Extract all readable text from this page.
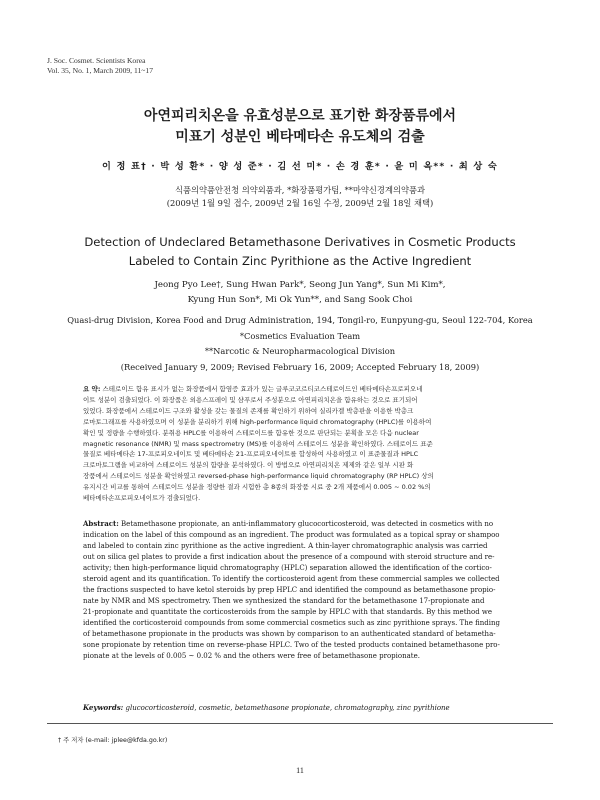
J. Soc. Cosmet. Scientists Korea
Vol. 35, No. 1, March 2009, 11~17
아연피리치온을 유효성분으로 표기한 화장품류에서
미표기 성분인 베타메타손 유도체의 검출
이 정 표† · 박 성 환* · 양 성 준* · 김 선 미* · 손 경 훈* · 윤 미 옥** · 최 상 숙
식품의약품안전청 의약외품과, *화장품평가팀, **마약신경계의약품과
(2009년 1월 9일 접수, 2009년 2월 16일 수정, 2009년 2월 18일 채택)
Detection of Undeclared Betamethasone Derivatives in Cosmetic Products
Labeled to Contain Zinc Pyrithione as the Active Ingredient
Jeong Pyo Lee†, Sung Hwan Park*, Seong Jun Yang*, Sun Mi Kim*,
Kyung Hun Son*, Mi Ok Yun**, and Sang Sook Choi
Quasi-drug Division, Korea Food and Drug Administration, 194, Tongil-ro, Eunpyung-gu, Seoul 122-704, Korea
*Cosmetics Evaluation Team
**Narcotic & Neuropharmacological Division
(Received January 9, 2009; Revised February 16, 2009; Accepted February 18, 2009)
요 약: 스테로이드 함유 표시가 없는 화장품에서 함염증 효과가 있는 글루코코르티코스테로이드인 베타메타손프로피오네
이트 성분이 검출되었다. 이 화장품은 외용스프레이 및 샴푸로서 주성분으로 아연피리치온을 함유하는 것으로 표기되어
있었다. 화장품에서 스테로이드 구조와 활성을 갖는 물질의 존재를 확인하기 위하여 실리카겔 박층판을 이용한 박층크
로마토그래프를 사용하였으며 이 성분을 분리하기 위해 high-performance liquid chromatography (HPLC)를 이용하여
확인 및 정량을 수행하였다. 분취용 HPLC를 이용하여 스테로이드를 함유한 것으로 판단되는 분획을 모은 다음 nuclear
magnetic resonance (NMR) 및 mass spectrometry (MS)를 이용하여 스테로이드 성분을 확인하였다. 스테로이드 표준
물질로 베타메타손 17-프로피오네이트 및 베타메타손 21-프로피오네이트를 합성하여 사용하였고 이 표준물질과 HPLC
크로마토그램을 비교하여 스테로이드 성분의 함량을 분석하였다. 이 방법으로 아연피리치온 제제와 같은 일부 시판 화
장품에서 스테로이드 성분을 확인하였고 reversed-phase high-performance liquid chromatography (RP HPLC) 상의
유지시간 비교를 통하여 스테로이드 성분을 정량한 결과 시험한 총 8종의 화장품 시료 중 2개 제품에서 0.005 ~ 0.02 %의
베타메타손프로피오네이트가 검출되었다.
Abstract: Betamethasone propionate, an anti-inflammatory glucocorticosteroid, was detected in cosmetics with no
indication on the label of this compound as an ingredient. The product was formulated as a topical spray or shampoo
and labeled to contain zinc pyrithione as the active ingredient. A thin-layer chromatographic analysis was carried
out on silica gel plates to provide a first indication about the presence of a compound with steroid structure and re-
activity; then high-performance liquid chromatography (HPLC) separation allowed the identification of the cortico-
steroid agent and its quantification. To identify the corticosteroid agent from these commercial samples we collected
the fractions suspected to have ketol steroids by prep HPLC and identified the compound as betamethasone propio-
nate by NMR and MS spectrometry. Then we synthesized the standard for the betamethasone 17-propionate and
21-propionate and quantitate the corticosteroids from the sample by HPLC with that standards. By this method we
identified the corticosteroid compounds from some commercial cosmetics such as zinc pyrithione sprays. The finding
of betamethasone propionate in the products was shown by comparison to an authenticated standard of betametha-
sone propionate by retention time on reverse-phase HPLC. Two of the tested products contained betamethasone pro-
pionate at the levels of 0.005 ~ 0.02 % and the others were free of betamethasone propionate.
Keywords: glucocorticosteroid, cosmetic, betamethasone propionate, chromatography, zinc pyrithione
† 주 저자 (e-mail: jplee@kfda.go.kr)
11
